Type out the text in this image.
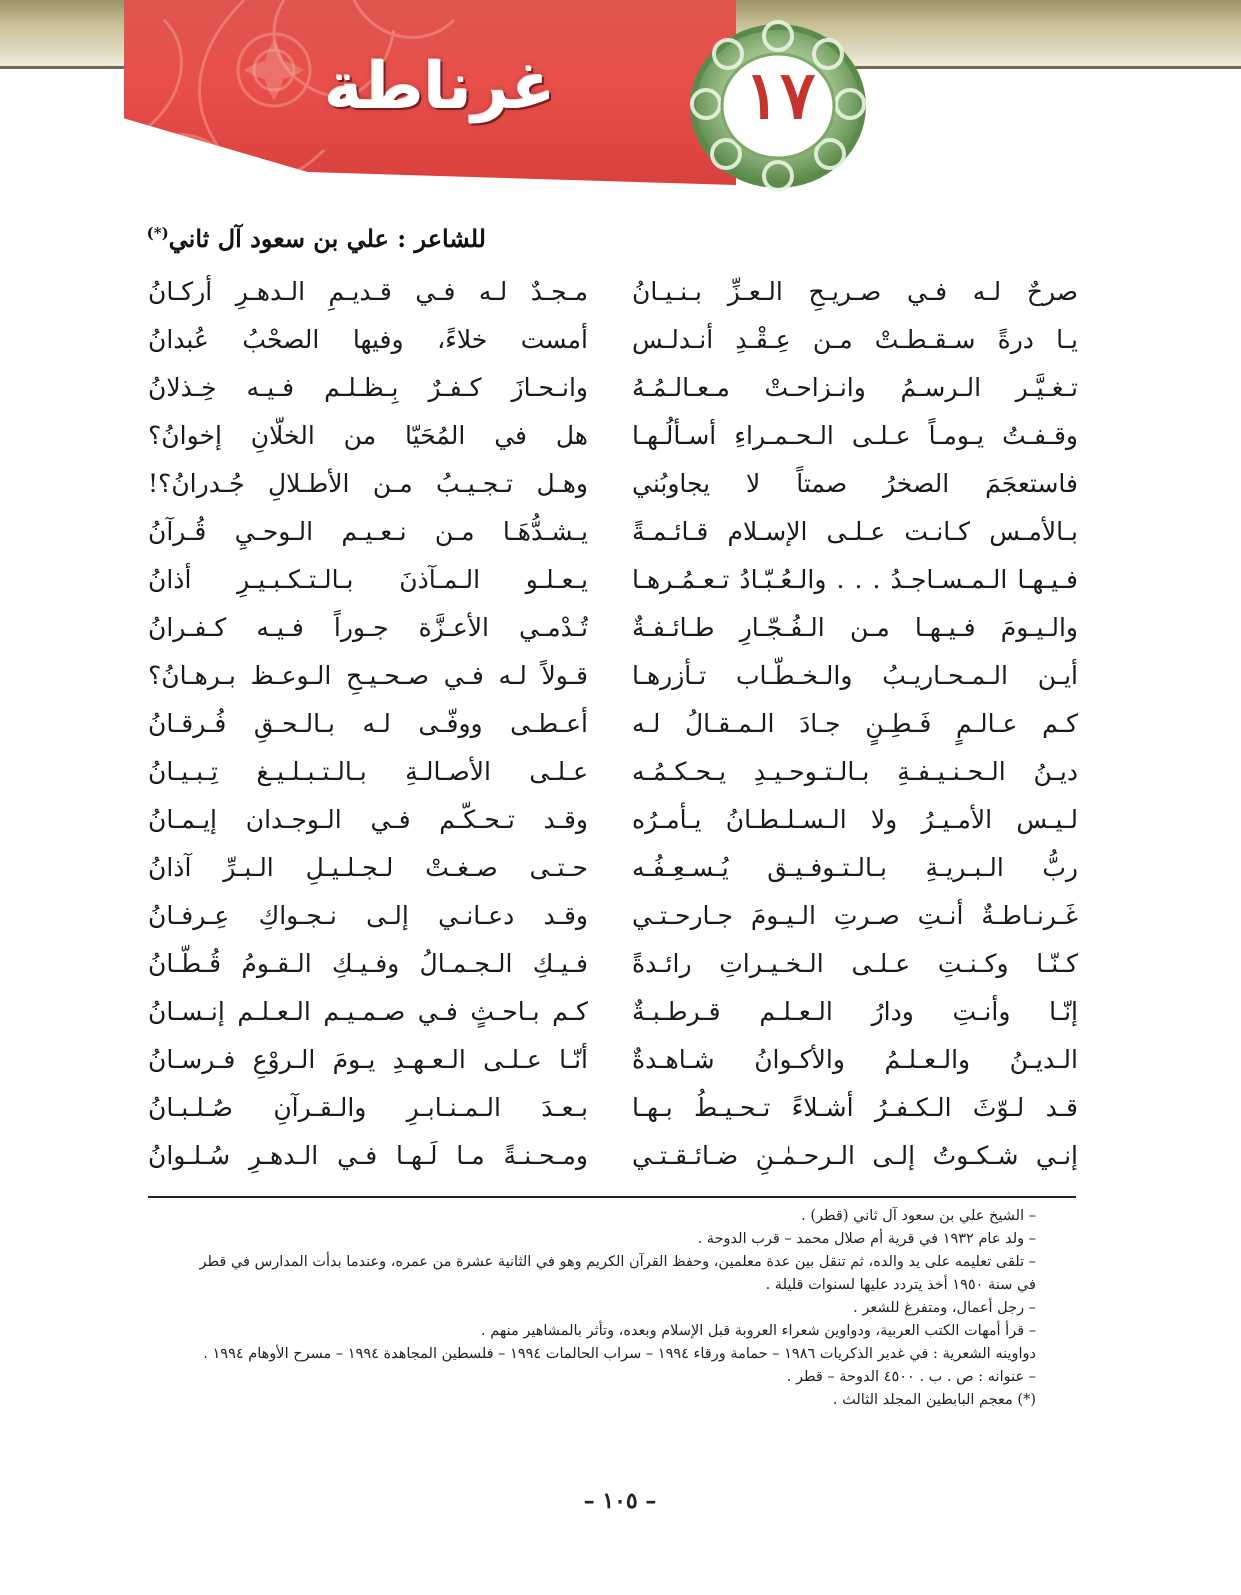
غرناطة	١٧
للشاعر : علي بن سعود آل ثاني(*)
صرحٌ لـه فـي صـريـحِ الـعـزِّ بـنـيـانُ
يـا درةً سـقـطـتْ مـن عِـقْـدِ أنـدلـس
تـغـيَّـر الـرسـمُ وانـزاحـتْ مـعـالـمُـهُ
وقـفـتُ يـومـاً عـلـى الـحـمـراءِ أسـألُـهـا
فاستعجَمَ الصخرُ صمتاً لا يجاوبُني
بـالأمـس كـانـت عـلـى الإسـلام قـائـمـةً
فـيـهـا الـمـسـاجـدُ . . . والـعُـبّـادُ تـعـمُـرهـا
والـيـومَ فـيـهـا مـن الـفُـجّـارِ طـائـفـةٌ
أيـن الـمـحـاريـبُ والـخـطّـاب تـأزرهـا
كـم عـالـمٍ فَـطِـنٍ جـادَ الـمـقـالُ لـه
ديـنُ الـحـنـيـفـةِ بـالـتـوحـيـدِ يـحـكـمُـه
لـيـس الأمـيـرُ ولا الـسـلـطـانُ يـأمـرُه
ربُّ الـبـريـةِ بـالـتـوفـيـق يُـسـعِـفُـه
غَـرنـاطـةٌ أنـتِ صـرتِ الـيـومَ جـارحـتـي
كـنّـا وكـنـتِ عـلـى الـخـيـراتِ رائـدةً
إنّـا وأنـتِ ودارُ الـعـلـم قـرطـبـةٌ
الـديـنُ والـعـلـمُ والأكـوانُ شـاهـدةٌ
قـد لـوّثَ الـكـفـرُ أشـلاءً تـحـيـطُ بـهـا
إنـي شـكـوتُ إلـى الـرحـمٰـنِ ضـائـقـتـي
مـجـدٌ لـه فـي قـديـمِ الـدهـرِ أركـانُ
أمست خلاءً، وفيها الصحْبُ عُبدانُ
وانـحـازَ كـفـرٌ بِـظـلـم فـيـه خِـذلانُ
هل في المُحَيّا من الخلّانِ إخوانُ؟
وهـل تـجـيـبُ مـن الأطـلالِ جُـدرانُ؟!
يـشـدُّهَـا مـن نـعـيـم الـوحـيِ قُـرآنُ
يـعـلـو الـمـآذنَ بـالـتـكـبـيـرِ أذانُ
تُـدْمـي الأعـزَّة جـوراً فـيـه كـفـرانُ
قـولاً لـه فـي صـحـيـحِ الـوعـظ بـرهـانُ؟
أعـطـى ووفّـى لـه بـالـحـقِ فُـرقـانُ
عـلـى الأصـالـةِ بـالـتـبـلـيـغ تِـبـيـانُ
وقـد تـحـكّـم فـي الـوجـدان إيـمـانُ
حـتـى صـغـتْ لـجـلـيـلِ الـبـرِّ آذانُ
وقـد دعـانـي إلـى نـجـواكِ عِـرفـانُ
فـيـكِ الـجـمـالُ وفـيـكِ الـقـومُ قُـطّـانُ
كـم بـاحـثٍ فـي صـمـيـم الـعـلـم إنـسـانُ
أنّـا عـلـى الـعـهـدِ يـومَ الـروْعِ فـرسـانُ
بـعـدَ الـمـنـابـرِ والـقـرآنِ صُـلـبـانُ
ومـحـنـةً مـا لَـهـا فـي الـدهـرِ سُـلـوانُ
– الشيخ علي بن سعود آل ثاني (قطر) .
– ولد عام ١٩٣٢ في قرية أم صلال محمد – قرب الدوحة .
– تلقى تعليمه على يد والده، ثم تنقل بين عدة معلمين، وحفظ القرآن الكريم وهو في الثانية عشرة من عمره، وعندما بدأت المدارس في قطر
في سنة ١٩٥٠ أخذ يتردد عليها لسنوات قليلة .
– رجل أعمال، ومتفرغ للشعر .
– قرأ أمهات الكتب العربية، ودواوين شعراء العروبة قبل الإسلام وبعده، وتأثر بالمشاهير منهم .
دواوينه الشعرية : في غدير الذكريات ١٩٨٦ – حمامة ورقاء ١٩٩٤ – سراب الحالمات ١٩٩٤ – فلسطين المجاهدة ١٩٩٤ – مسرح الأوهام ١٩٩٤ .
– عنوانه : ص . ب . ٤٥٠٠ الدوحة – قطر .
(*) معجم البابطين المجلد الثالث .
– ١٠٥ –
